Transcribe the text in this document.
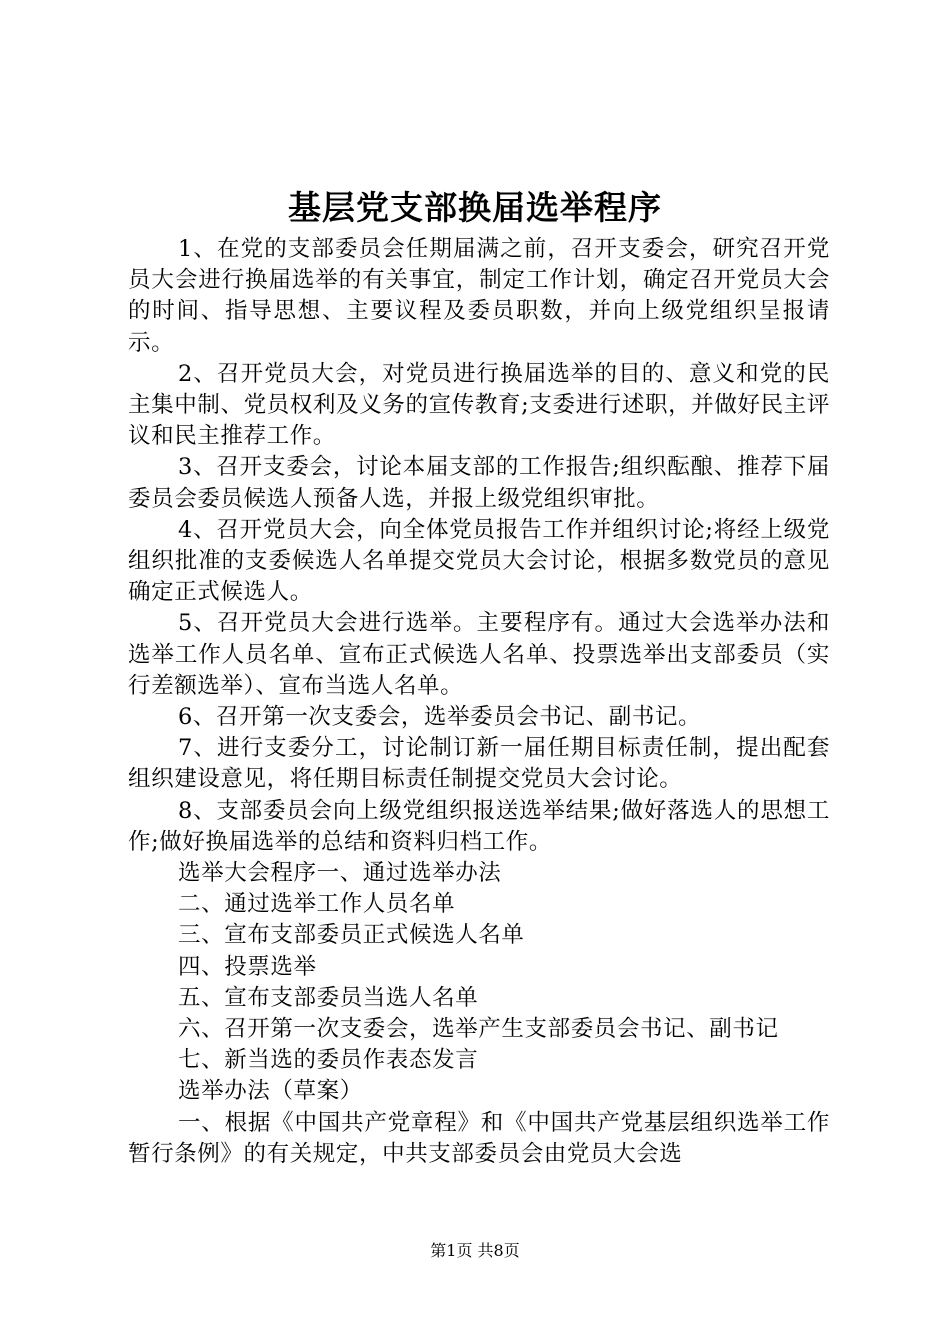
基层党支部换届选举程序

1、在党的支部委员会任期届满之前，召开支委会，研究召开党员大会进行换届选举的有关事宜，制定工作计划，确定召开党员大会的时间、指导思想、主要议程及委员职数，并向上级党组织呈报请示。

2、召开党员大会，对党员进行换届选举的目的、意义和党的民主集中制、党员权利及义务的宣传教育;支委进行述职，并做好民主评议和民主推荐工作。

3、召开支委会，讨论本届支部的工作报告;组织酝酿、推荐下届委员会委员候选人预备人选，并报上级党组织审批。

4、召开党员大会，向全体党员报告工作并组织讨论;将经上级党组织批准的支委候选人名单提交党员大会讨论，根据多数党员的意见确定正式候选人。

5、召开党员大会进行选举。主要程序有。通过大会选举办法和选举工作人员名单、宣布正式候选人名单、投票选举出支部委员（实行差额选举）、宣布当选人名单。

6、召开第一次支委会，选举委员会书记、副书记。

7、进行支委分工，讨论制订新一届任期目标责任制，提出配套组织建设意见，将任期目标责任制提交党员大会讨论。

8、支部委员会向上级党组织报送选举结果;做好落选人的思想工作;做好换届选举的总结和资料归档工作。

选举大会程序一、通过选举办法

二、通过选举工作人员名单

三、宣布支部委员正式候选人名单

四、投票选举

五、宣布支部委员当选人名单

六、召开第一次支委会，选举产生支部委员会书记、副书记

七、新当选的委员作表态发言

选举办法（草案）

一、根据《中国共产党章程》和《中国共产党基层组织选举工作暂行条例》的有关规定，中共支部委员会由党员大会选

第1页 共8页
